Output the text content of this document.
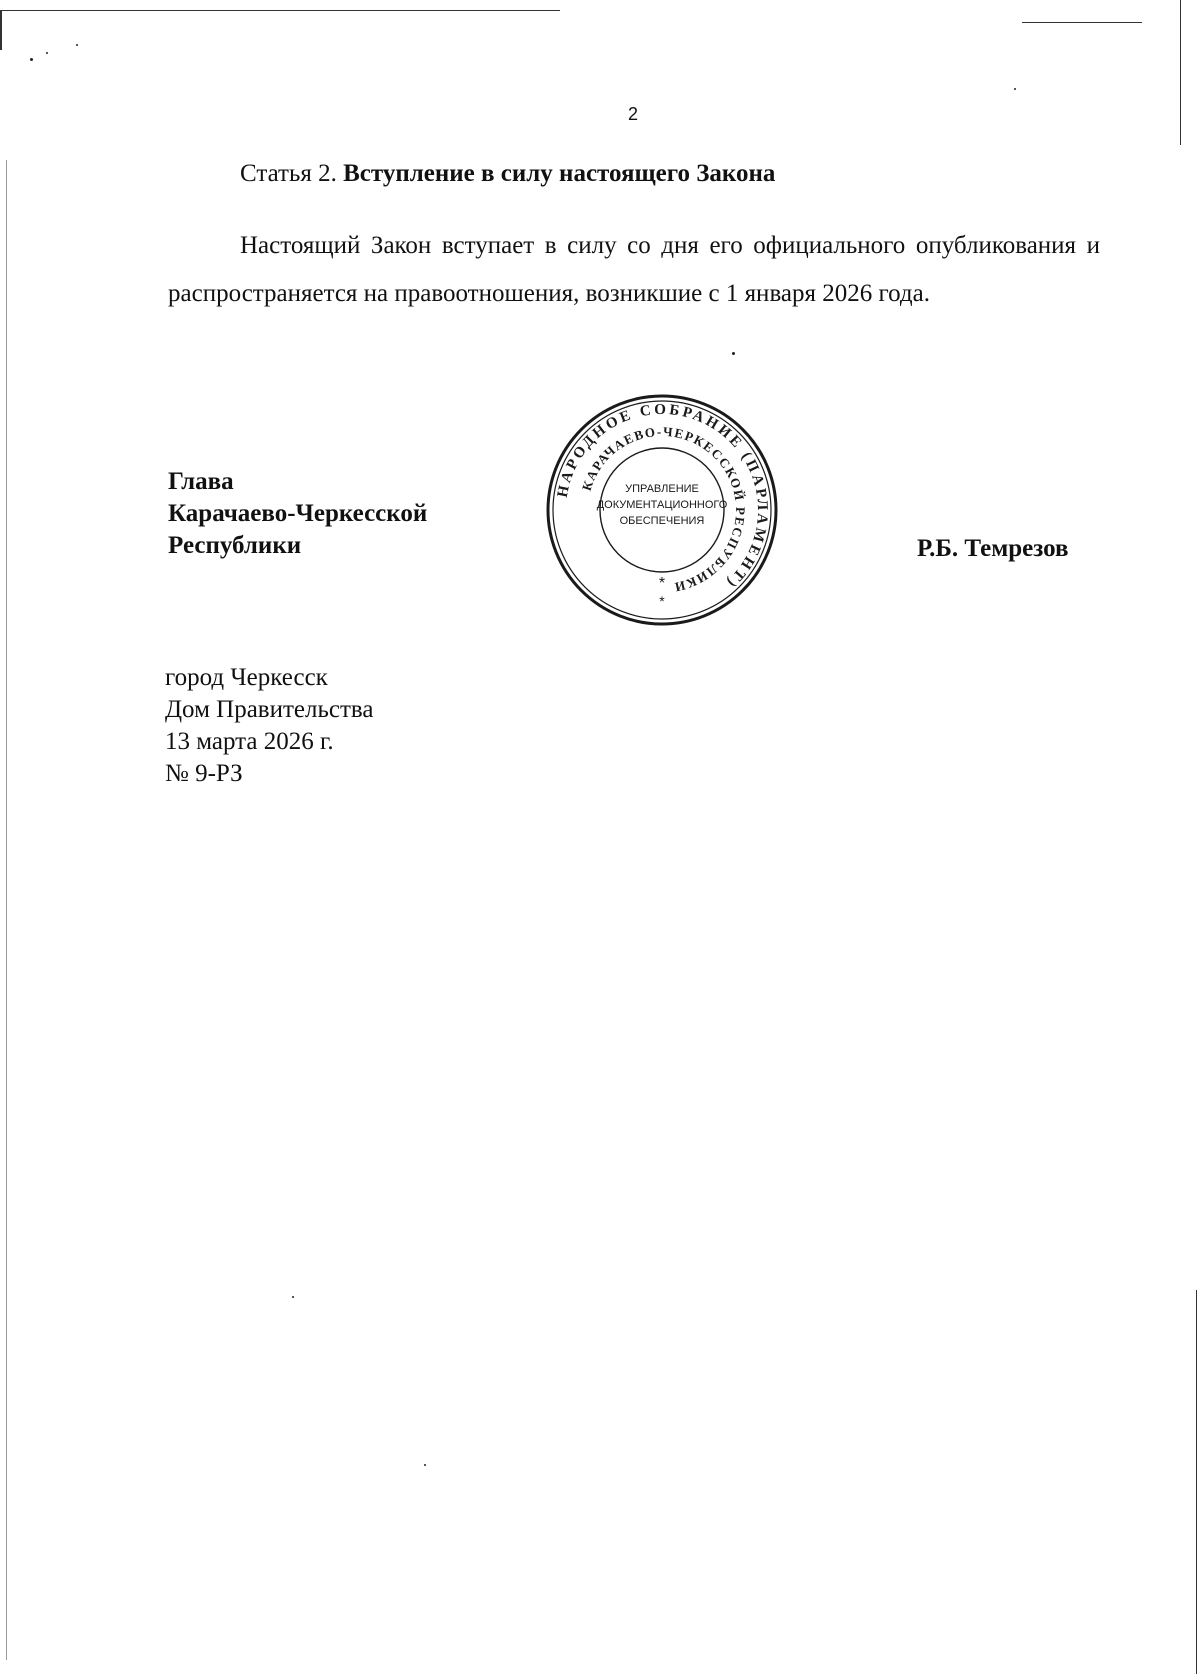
2
Статья 2. Вступление в силу настоящего Закона
Настоящий Закон вступает в силу со дня его официального опубликования и распространяется на правоотношения, возникшие с 1 января 2026 года.
Глава
Карачаево-Черкесской
Республики
НАРОДНОЕ СОБРАНИЕ (ПАРЛАМЕНТ)
КАРАЧАЕВО-ЧЕРКЕССКОЙ РЕСПУБЛИКИ
УПРАВЛЕНИЕ
ДОКУМЕНТАЦИОННОГО
ОБЕСПЕЧЕНИЯ
*
*
Р.Б. Темрезов
город Черкесск
Дом Правительства
13 марта 2026 г.
№ 9-РЗ
